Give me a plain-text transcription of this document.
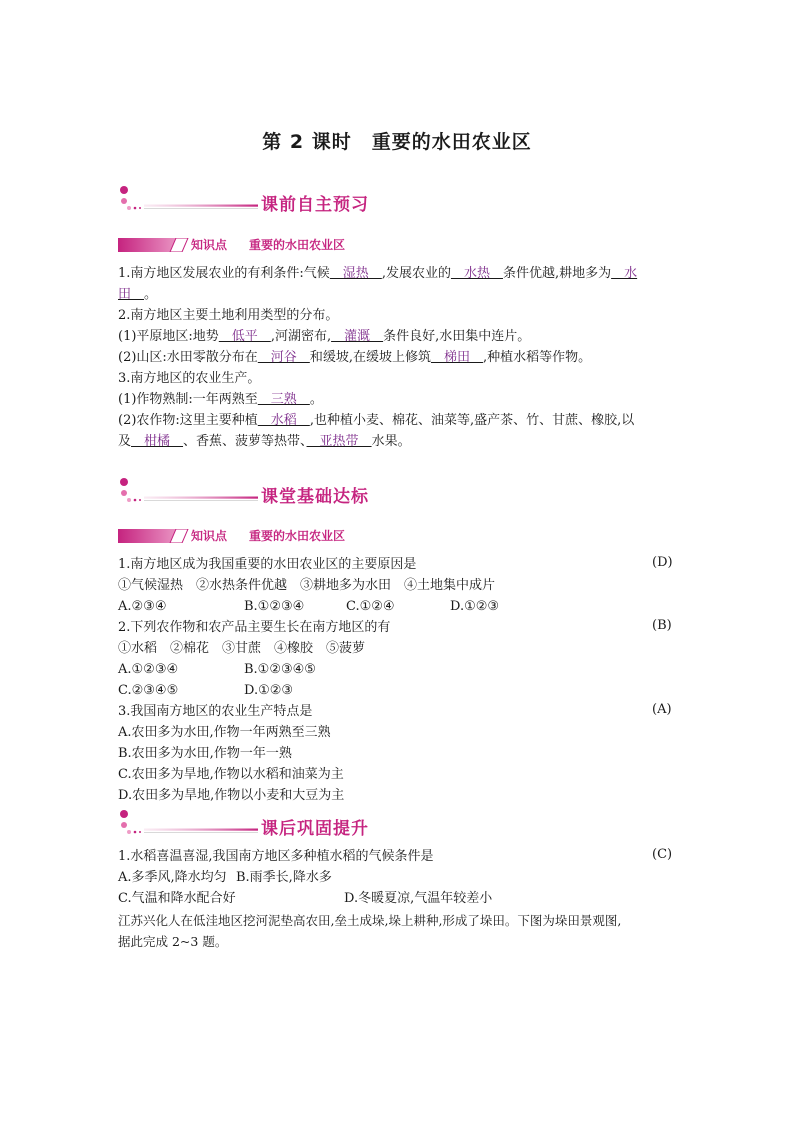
第 2 课时　重要的水田农业区
课前自主预习
知识点 重要的水田农业区
1.南方地区发展农业的有利条件:气候　湿热　,发展农业的　水热　条件优越,耕地多为　水
田　。
2.南方地区主要土地利用类型的分布。
(1)平原地区:地势　低平　,河湖密布,　灌溉　条件良好,水田集中连片。
(2)山区:水田零散分布在　河谷　和缓坡,在缓坡上修筑　梯田　,种植水稻等作物。
3.南方地区的农业生产。
(1)作物熟制:一年两熟至　三熟　。
(2)农作物:这里主要种植　水稻　,也种植小麦、棉花、油菜等,盛产茶、竹、甘蔗、橡胶,以
及　柑橘　、香蕉、菠萝等热带、　亚热带　水果。
课堂基础达标
知识点 重要的水田农业区
1.南方地区成为我国重要的水田农业区的主要原因是	(D)
①气候湿热　②水热条件优越　③耕地多为水田　④土地集中成片
A.②③④	B.①②③④	C.①②④	D.①②③
2.下列农作物和农产品主要生长在南方地区的有	(B)
①水稻　②棉花　③甘蔗　④橡胶　⑤菠萝
A.①②③④	B.①②③④⑤
C.②③④⑤	D.①②③
3.我国南方地区的农业生产特点是	(A)
A.农田多为水田,作物一年两熟至三熟
B.农田多为水田,作物一年一熟
C.农田多为旱地,作物以水稻和油菜为主
D.农田多为旱地,作物以小麦和大豆为主
课后巩固提升
1.水稻喜温喜湿,我国南方地区多种植水稻的气候条件是	(C)
A.多季风,降水均匀 B.雨季长,降水多
C.气温和降水配合好	D.冬暖夏凉,气温年较差小
江苏兴化人在低洼地区挖河泥垫高农田,垒土成垛,垛上耕种,形成了垛田。下图为垛田景观图,
据此完成 2~3 题。
